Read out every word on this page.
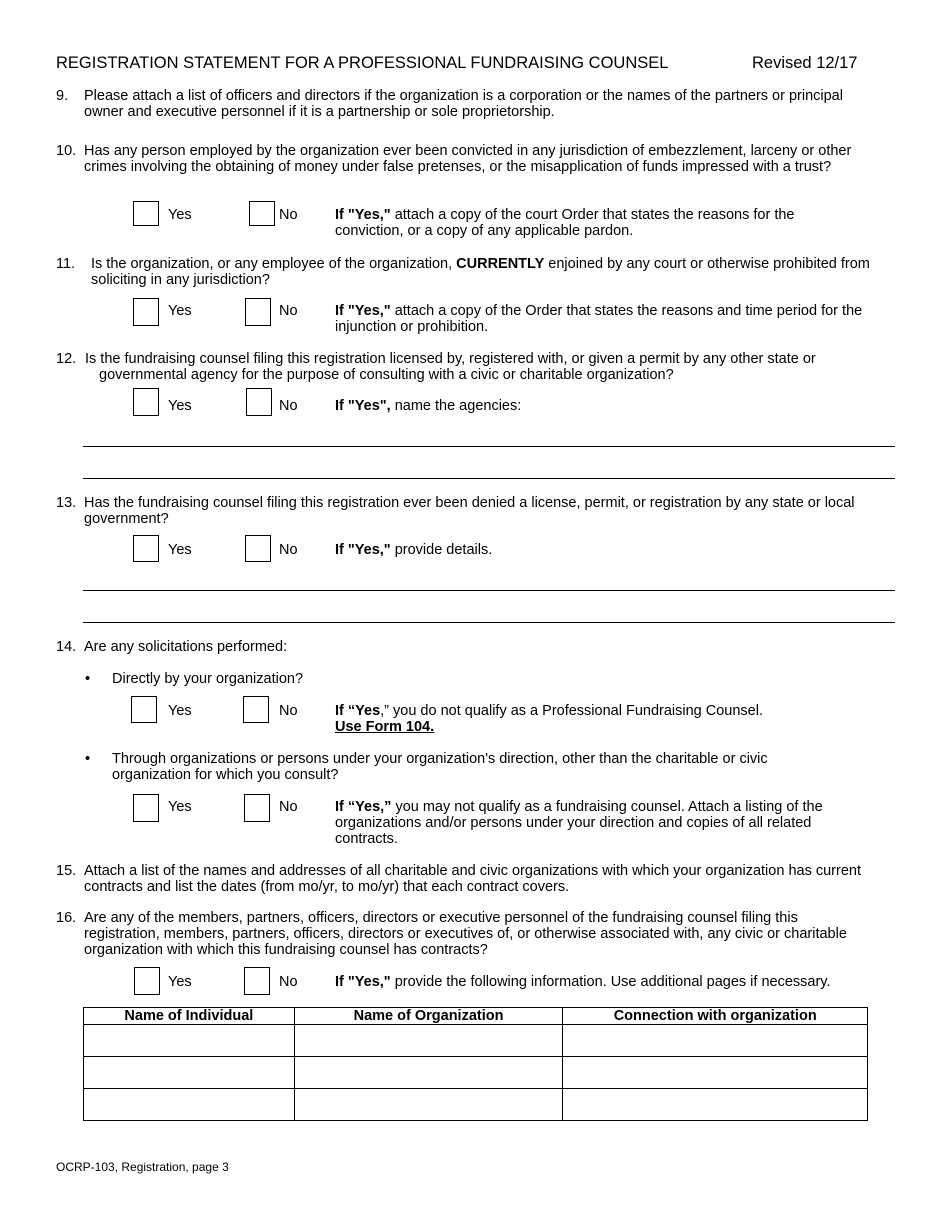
REGISTRATION STATEMENT FOR A PROFESSIONAL FUNDRAISING COUNSEL	Revised 12/17
9. Please attach a list of officers and directors if the organization is a corporation or the names of the partners or principal owner and executive personnel if it is a partnership or sole proprietorship.
10. Has any person employed by the organization ever been convicted in any jurisdiction of embezzlement, larceny or other crimes involving the obtaining of money under false pretenses, or the misapplication of funds impressed with a trust?
Yes	No	If "Yes," attach a copy of the court Order that states the reasons for the conviction, or a copy of any applicable pardon.
11. Is the organization, or any employee of the organization, CURRENTLY enjoined by any court or otherwise prohibited from soliciting in any jurisdiction?
Yes	No	If "Yes," attach a copy of the Order that states the reasons and time period for the injunction or prohibition.
12. Is the fundraising counsel filing this registration licensed by, registered with, or given a permit by any other state or
governmental agency for the purpose of consulting with a civic or charitable organization?
Yes	No	If "Yes", name the agencies:
13. Has the fundraising counsel filing this registration ever been denied a license, permit, or registration by any state or local government?
Yes	No	If "Yes," provide details.
14. Are any solicitations performed:
• Directly by your organization?
Yes	No	If “Yes,” you do not qualify as a Professional Fundraising Counsel.
Use Form 104.
• Through organizations or persons under your organization's direction, other than the charitable or civic organization for which you consult?
Yes	No	If “Yes,” you may not qualify as a fundraising counsel. Attach a listing of the organizations and/or persons under your direction and copies of all related contracts.
15. Attach a list of the names and addresses of all charitable and civic organizations with which your organization has current contracts and list the dates (from mo/yr, to mo/yr) that each contract covers.
16. Are any of the members, partners, officers, directors or executive personnel of the fundraising counsel filing this registration, members, partners, officers, directors or executives of, or otherwise associated with, any civic or charitable organization with which this fundraising counsel has contracts?
Yes	No	If "Yes," provide the following information. Use additional pages if necessary.
Name of Individual	Name of Organization	Connection with organization

OCRP-103, Registration, page 3
